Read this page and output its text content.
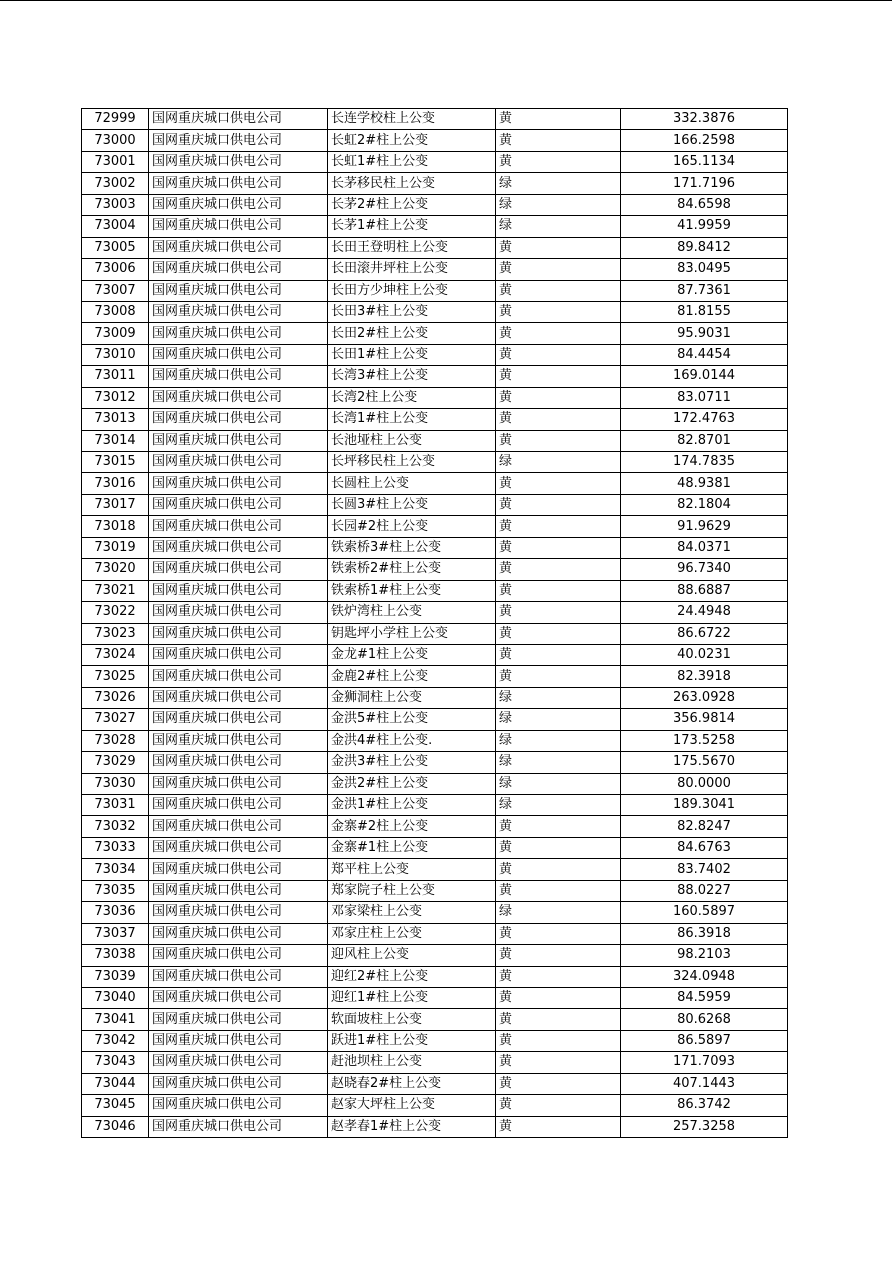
72999	国网重庆城口供电公司	长连学校柱上公变	黄	332.3876
73000	国网重庆城口供电公司	长虹2#柱上公变	黄	166.2598
73001	国网重庆城口供电公司	长虹1#柱上公变	黄	165.1134
73002	国网重庆城口供电公司	长茅移民柱上公变	绿	171.7196
73003	国网重庆城口供电公司	长茅2#柱上公变	绿	84.6598
73004	国网重庆城口供电公司	长茅1#柱上公变	绿	41.9959
73005	国网重庆城口供电公司	长田王登明柱上公变	黄	89.8412
73006	国网重庆城口供电公司	长田滚井坪柱上公变	黄	83.0495
73007	国网重庆城口供电公司	长田方少坤柱上公变	黄	87.7361
73008	国网重庆城口供电公司	长田3#柱上公变	黄	81.8155
73009	国网重庆城口供电公司	长田2#柱上公变	黄	95.9031
73010	国网重庆城口供电公司	长田1#柱上公变	黄	84.4454
73011	国网重庆城口供电公司	长湾3#柱上公变	黄	169.0144
73012	国网重庆城口供电公司	长湾2柱上公变	黄	83.0711
73013	国网重庆城口供电公司	长湾1#柱上公变	黄	172.4763
73014	国网重庆城口供电公司	长池垭柱上公变	黄	82.8701
73015	国网重庆城口供电公司	长坪移民柱上公变	绿	174.7835
73016	国网重庆城口供电公司	长圆柱上公变	黄	48.9381
73017	国网重庆城口供电公司	长圆3#柱上公变	黄	82.1804
73018	国网重庆城口供电公司	长园#2柱上公变	黄	91.9629
73019	国网重庆城口供电公司	铁索桥3#柱上公变	黄	84.0371
73020	国网重庆城口供电公司	铁索桥2#柱上公变	黄	96.7340
73021	国网重庆城口供电公司	铁索桥1#柱上公变	黄	88.6887
73022	国网重庆城口供电公司	铁炉湾柱上公变	黄	24.4948
73023	国网重庆城口供电公司	钥匙坪小学柱上公变	黄	86.6722
73024	国网重庆城口供电公司	金龙#1柱上公变	黄	40.0231
73025	国网重庆城口供电公司	金鹿2#柱上公变	黄	82.3918
73026	国网重庆城口供电公司	金狮洞柱上公变	绿	263.0928
73027	国网重庆城口供电公司	金洪5#柱上公变	绿	356.9814
73028	国网重庆城口供电公司	金洪4#柱上公变.	绿	173.5258
73029	国网重庆城口供电公司	金洪3#柱上公变	绿	175.5670
73030	国网重庆城口供电公司	金洪2#柱上公变	绿	80.0000
73031	国网重庆城口供电公司	金洪1#柱上公变	绿	189.3041
73032	国网重庆城口供电公司	金寨#2柱上公变	黄	82.8247
73033	国网重庆城口供电公司	金寨#1柱上公变	黄	84.6763
73034	国网重庆城口供电公司	郑平柱上公变	黄	83.7402
73035	国网重庆城口供电公司	郑家院子柱上公变	黄	88.0227
73036	国网重庆城口供电公司	邓家梁柱上公变	绿	160.5897
73037	国网重庆城口供电公司	邓家庄柱上公变	黄	86.3918
73038	国网重庆城口供电公司	迎风柱上公变	黄	98.2103
73039	国网重庆城口供电公司	迎红2#柱上公变	黄	324.0948
73040	国网重庆城口供电公司	迎红1#柱上公变	黄	84.5959
73041	国网重庆城口供电公司	软面坡柱上公变	黄	80.6268
73042	国网重庆城口供电公司	跃进1#柱上公变	黄	86.5897
73043	国网重庆城口供电公司	赶池坝柱上公变	黄	171.7093
73044	国网重庆城口供电公司	赵晓春2#柱上公变	黄	407.1443
73045	国网重庆城口供电公司	赵家大坪柱上公变	黄	86.3742
73046	国网重庆城口供电公司	赵孝春1#柱上公变	黄	257.3258
